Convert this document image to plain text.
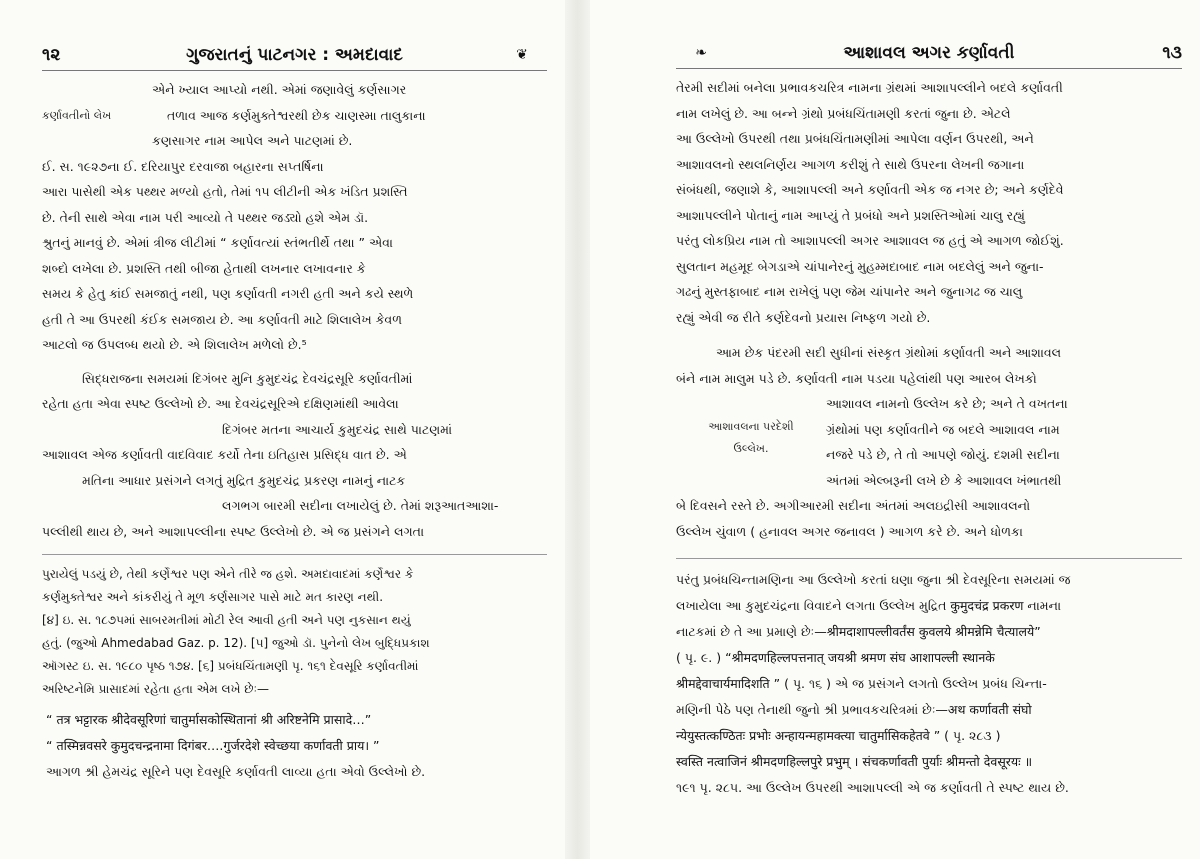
૧૨	ગુજરાતનું પાટનગર : અમદાવાદ	❦
એને ખ્યાલ આપ્યો નથી. એમાં જણાવેલું કર્ણસાગર
કર્ણાવતીનો લેખ	તળાવ આજ કર્ણમુક્તેશ્વરથી છેક ચાણસ્મા તાલુકાના
કણસાગર નામ આપેલ અને પાટણમાં છે.
ઈ. સ. ૧૯૨૭ના ઈ. દરિયાપુર દરવાજા બહારના સપ્તર્ષિના
આરા પાસેથી એક પથ્થર મળ્યો હતો, તેમાં ૧૫ લીટીની એક ખંડિત પ્રશસ્તિ
છે. તેની સાથે એવા નામ પરી આવ્યો તે પથ્થર જડ્યો હશે એમ ડૉ.
શ્રુતનું માનવું છે. એમાં ત્રીજ લીટીમાં “ કર્ણાવત્યાં સ્તંભતીર્થે તથા ” એવા
શબ્દો લખેલા છે. પ્રશસ્તિ તથી બીજા હેતાથી લખનાર લખાવનાર કે
સમય કે હેતુ કાંઈ સમજાતું નથી, પણ કર્ણાવતી નગરી હતી અને કયે સ્થળે
હતી તે આ ઉપરથી કંઈક સમજાય છે. આ કર્ણાવતી માટે શિલાલેખ કેવળ
આટલો જ ઉપલબ્ધ થયો છે. એ શિલાલેખ મળેલો છે.⁵
સિદ્ધરાજના સમયમાં દિગંબર મુનિ કુમુદચંદ્ર દેવચંદ્રસૂરિ કર્ણાવતીમાં
રહેતા હતા એવા સ્પષ્ટ ઉલ્લેખો છે. આ દેવચંદ્રસૂરિએ દક્ષિણમાંથી આવેલા
દિગંબર મતના આચાર્ય કુમુદચંદ્ર સાથે પાટણમાં
આશાવલ એજ કર્ણાવતી વાદવિવાદ કર્યો તેના ઇતિહાસ પ્રસિદ્ધ વાત છે. એ
મતિના આધાર પ્રસંગને લગતું મુદ્રિત કુમુદચંદ્ર પ્રકરણ નામનું નાટક
લગભગ બારમી સદીના લખાયેલું છે. તેમાં શરૂઆતઆશા-
પલ્લીથી થાય છે, અને આશાપલ્લીના સ્પષ્ટ ઉલ્લેખો છે. એ જ પ્રસંગને લગતા
પુરાયેલું પડયું છે, તેથી કર્ણેશ્વર પણ એને તીરે જ હશે. અમદાવાદમાં કર્ણેશ્વર કે
કર્ણમુક્તેશ્વર અને કાંકરીયું તે મૂળ કર્ણસાગર પાસે માટે મત કારણ નથી.
[૪] ઇ. સ. ૧૮૭૫માં સાબરમતીમાં મોટી રેલ આવી હતી અને પણ નુકસાન થયું
હતું. (જુઓ Ahmedabad Gaz. p. 12). [૫] જુઓ ડૉ. પુનેનો લેખ બુદ્ધિપ્રકાશ
ઑગસ્ટ ઇ. સ. ૧૯૮૦ પૃષ્ઠ ૧૭૪. [૬] પ્રબંધચિંતામણી પૃ. ૧૬૧ દેવસૂરિ કર્ણાવતીમાં
અરિષ્ટનેમિ પ્રાસાદમાં રહેતા હતા એમ લખે છેઃ—
“ तत्र भट्टारक श्रीदेवसूरिणां चातुर्मासकोस्थितानां श्री अरिष्टनेमि प्रासादे…”
“ तस्मिन्नवसरे कुमुदचन्द्रनामा दिगंबर….गुर्जरदेशे स्वेच्छया कर्णावती प्राय। ”
આગળ શ્રી હેમચંદ્ર સૂરિને પણ દેવસૂરિ કર્ણાવતી લાવ્યા હતા એવો ઉલ્લેખો છે.
❧	આશાવલ અગર કર્ણાવતી	૧૩
તેરમી સદીમાં બનેલા પ્રભાવકચરિત્ર નામના ગ્રંથમાં આશાપલ્લીને બદલે કર્ણાવતી
નામ લખેલું છે. આ બન્ને ગ્રંથો પ્રબંધચિંતામણી કરતાં જુના છે. એટલે
આ ઉલ્લેખો ઉપરથી તથા પ્રબંધચિંતામણીમાં આપેલા વર્ણન ઉપરથી, અને
આશાવલનો સ્થલનિર્ણય આગળ કરીશું તે સાથે ઉપરના લેખની જગાના
સંબંધથી, જણાશે કે, આશાપલ્લી અને કર્ણાવતી એક જ નગર છે; અને કર્ણદેવે
આશાપલ્લીને પોતાનું નામ આપ્યું તે પ્રબંધો અને પ્રશસ્તિઓમાં ચાલુ રહ્યું
પરંતુ લોકપ્રિય નામ તો આશાપલ્લી અગર આશાવલ જ હતું એ આગળ જોઈશું.
સુલતાન મહમૂદ બેગડાએ ચાંપાનેરનું મુહમ્મદાબાદ નામ બદલેલું અને જુના-
ગઢનું મુસ્તફાબાદ નામ રાખેલું પણ જેમ ચાંપાનેર અને જુનાગઢ જ ચાલુ
રહ્યું એવી જ રીતે કર્ણદેવનો પ્રયાસ નિષ્ફળ ગયો છે.
આમ છેક પંદરમી સદી સુધીનાં સંસ્કૃત ગ્રંથોમાં કર્ણાવતી અને આશાવલ
બંને નામ માલુમ પડે છે. કર્ણાવતી નામ પડયા પહેલાંથી પણ આરબ લેખકો
આશાવલના પરદેશી
ઉલ્લેખ.
આશાવલ નામનો ઉલ્લેખ કરે છે; અને તે વખતના
ગ્રંથોમાં પણ કર્ણાવતીને જ બદલે આશાવલ નામ
નજરે પડે છે, તે તો આપણે જોયું. દશમી સદીના
અંતમાં એલ્બરૂની લખે છે કે આશાવલ ખંભાતથી
બે દિવસને રસ્તે છે. અગીઆરમી સદીના અંતમાં અલઇદ્રીસી આશાવલનો
ઉલ્લેખ ચુંવાળ ( હનાવલ અગર જનાવલ ) આગળ કરે છે. અને ધોળકા
પરંતુ પ્રબંધચિન્તામણિના આ ઉલ્લેખો કરતાં ઘણા જુના શ્રી દેવસૂરિના સમયમાં જ
લખાયેલા આ કુમુદચંદ્રના વિવાદને લગતા ઉલ્લેખ મુદ્રિત कुमुदचंद्र प्रकरण નામના
નાટકમાં છે તે આ પ્રમાણે છેઃ—श्रीमदाशापल्लीवर्तंस कुवलये श्रीमन्नेमि चैत्यालये”
( પૃ. ૯. ) “श्रीमदणहिल्लपत्तनात् जयश्री श्रमण संघ आशापल्ली स्थानके
श्रीमद्देवाचार्यमादिशति ” ( પૃ. ૧૬ ) એ જ પ્રસંગને લગતો ઉલ્લેખ પ્રબંધ ચિન્તા-
મણિની પેઠે પણ તેનાથી જુનો શ્રી પ્રભાવકચરિત્રમાં છેઃ—अथ कर्णावती संघो
न्येयुस्तत्कण्ठितः प्रभोः अन्हायन्महामक्त्या चातुर्मासिकहेतवे ” ( પૃ. ૨૮૩ )
स्वस्ति नत्वाजिनं श्रीमदणहिल्लपुरे प्रभुम् । संचकर्णावती पुर्याः श्रीमन्तो देवसूरयः ॥
૧૯૧ પૃ. ૨૮૫. આ ઉલ્લેખ ઉપરથી આશાપલ્લી એ જ કર્ણાવતી તે સ્પષ્ટ થાય છે.
